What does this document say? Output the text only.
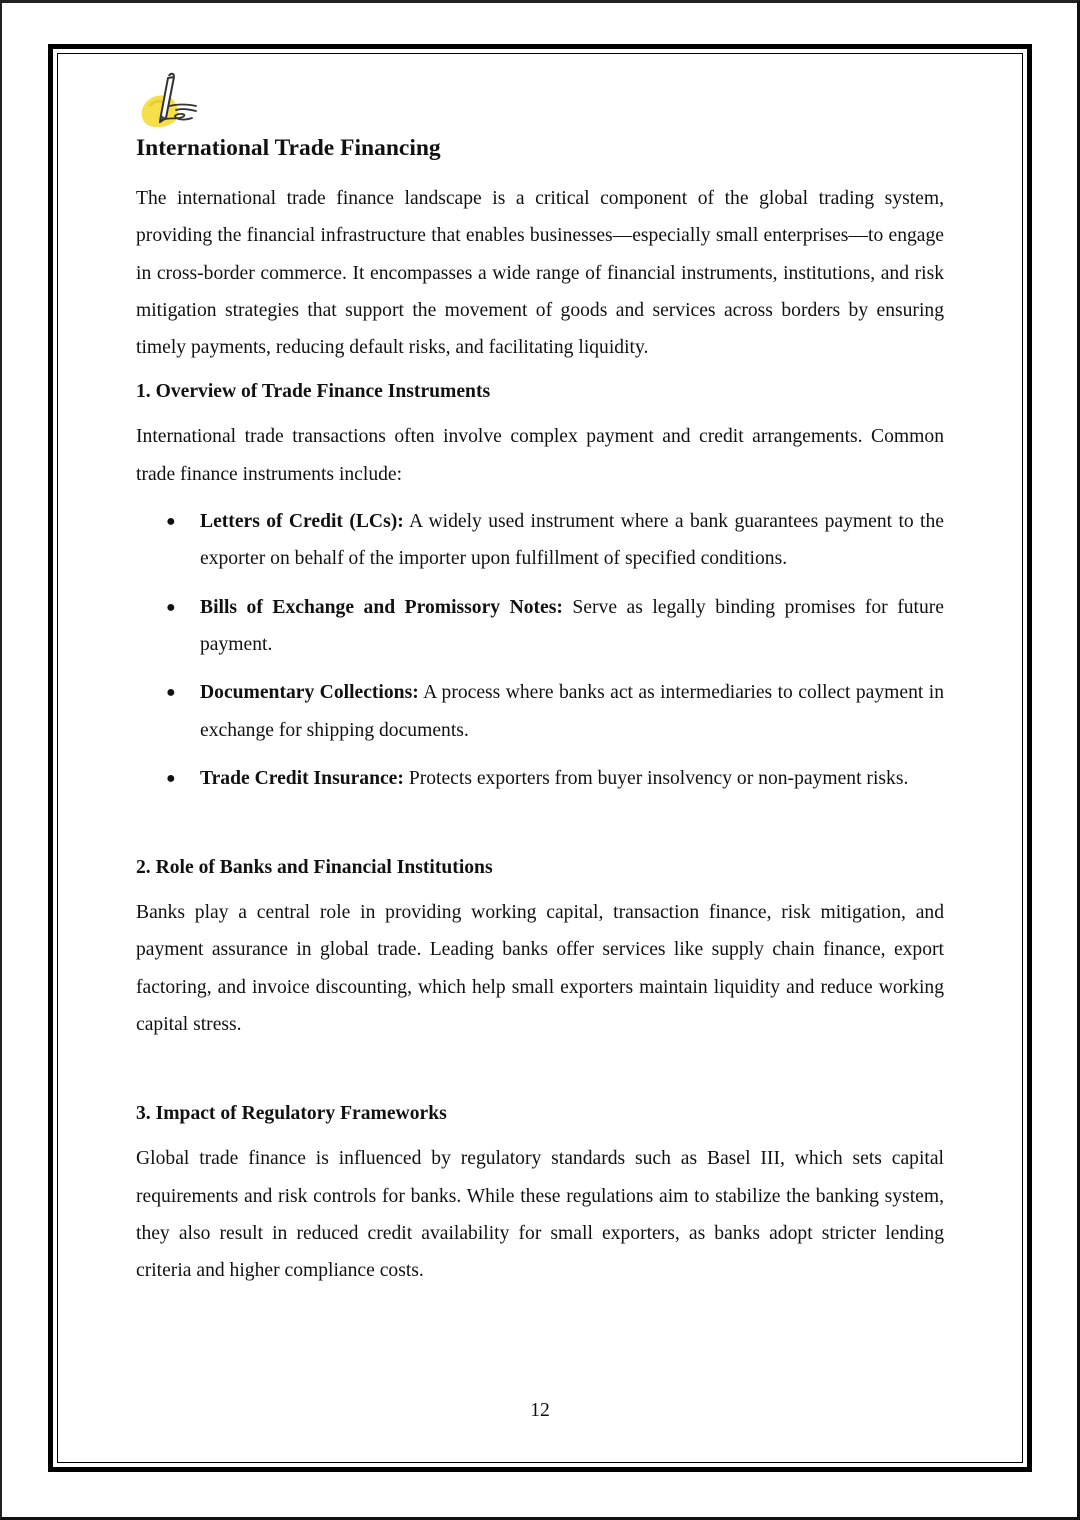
International Trade Financing

The international trade finance landscape is a critical component of the global trading system, providing the financial infrastructure that enables businesses—especially small enterprises—to engage in cross-border commerce. It encompasses a wide range of financial instruments, institutions, and risk mitigation strategies that support the movement of goods and services across borders by ensuring timely payments, reducing default risks, and facilitating liquidity.

1. Overview of Trade Finance Instruments

International trade transactions often involve complex payment and credit arrangements. Common trade finance instruments include:

● Letters of Credit (LCs): A widely used instrument where a bank guarantees payment to the exporter on behalf of the importer upon fulfillment of specified conditions.
● Bills of Exchange and Promissory Notes: Serve as legally binding promises for future payment.
● Documentary Collections: A process where banks act as intermediaries to collect payment in exchange for shipping documents.
● Trade Credit Insurance: Protects exporters from buyer insolvency or non-payment risks.
2. Role of Banks and Financial Institutions

Banks play a central role in providing working capital, transaction finance, risk mitigation, and payment assurance in global trade. Leading banks offer services like supply chain finance, export factoring, and invoice discounting, which help small exporters maintain liquidity and reduce working capital stress.

3. Impact of Regulatory Frameworks

Global trade finance is influenced by regulatory standards such as Basel III, which sets capital requirements and risk controls for banks. While these regulations aim to stabilize the banking system, they also result in reduced credit availability for small exporters, as banks adopt stricter lending criteria and higher compliance costs.

12
